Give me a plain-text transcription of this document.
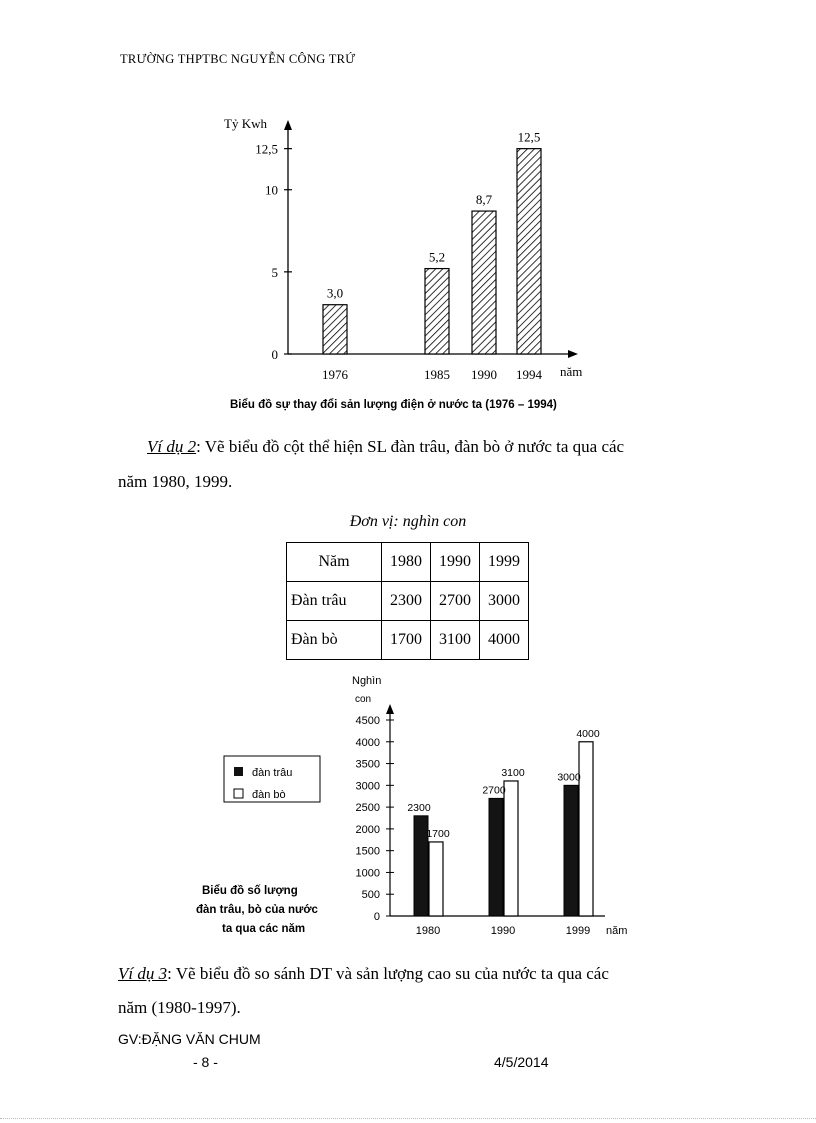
TRƯỜNG THPTBC NGUYỄN CÔNG TRỨ
Tỷ Kwh
năm
0
5
10
12,5
3,0
1976
5,2
1985
8,7
1990
12,5
1994
Biểu đồ sự thay đổi sản lượng điện ở nước ta (1976 – 1994)
Ví dụ 2: Vẽ biểu đồ cột thể hiện SL đàn trâu, đàn bò ở nước ta qua các
năm 1980, 1999.
Đơn vị: nghìn con
Năm	1980	1990	1999
Đàn trâu	2300	2700	3000
Đàn bò	1700	3100	4000
Nghìn
con
năm
0
500
1000
1500
2000
2500
3000
3500
4000
4500
2300
1700
1980
2700
3100
1990
3000
4000
1999
đàn trâu
đàn bò
Biểu đồ số lượng
đàn trâu, bò của nước
ta qua các năm
Ví dụ 3: Vẽ biểu đồ so sánh DT và sản lượng cao su của nước ta qua các
năm (1980-1997).
GV:ĐẶNG VĂN CHUM
- 8 -	4/5/2014
